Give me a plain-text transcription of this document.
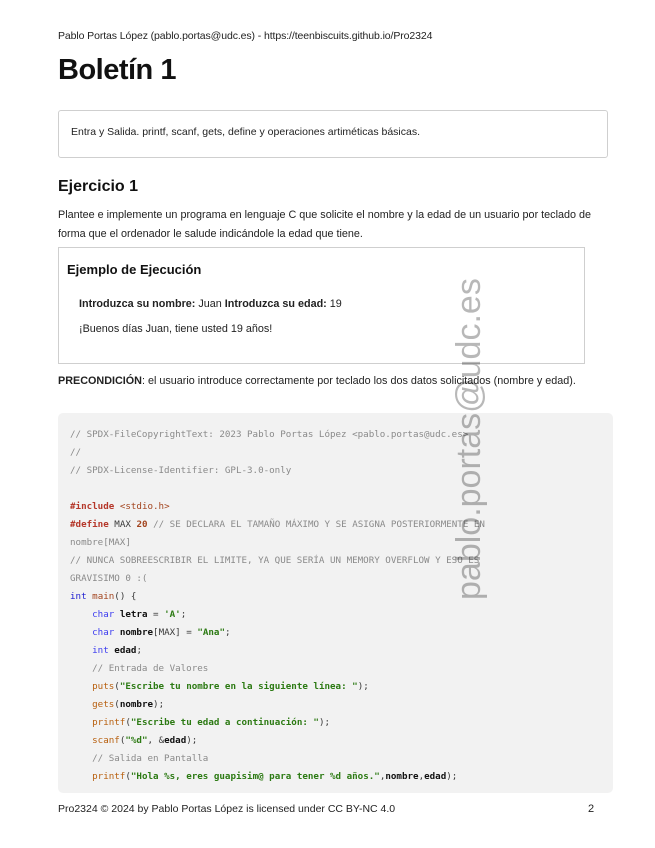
Pablo Portas López (pablo.portas@udc.es) - https://teenbiscuits.github.io/Pro2324
Boletín 1
Entra y Salida. printf, scanf, gets, define y operaciones artiméticas básicas.
Ejercicio 1
Plantee e implemente un programa en lenguaje C que solicite el nombre y la edad de un usuario por teclado de forma que el ordenador le salude indicándole la edad que tiene.
Ejemplo de Ejecución
Introduzca su nombre: Juan Introduzca su edad: 19
¡Buenos días Juan, tiene usted 19 años!
PRECONDICIÓN: el usuario introduce correctamente por teclado los dos datos solicitados (nombre y edad).
// SPDX-FileCopyrightText: 2023 Pablo Portas López <pablo.portas@udc.es>
//
// SPDX-License-Identifier: GPL-3.0-only
#include <stdio.h>
#define MAX 20 // SE DECLARA EL TAMAÑO MÁXIMO Y SE ASIGNA POSTERIORMENTE EN
nombre[MAX]
// NUNCA SOBREESCRIBIR EL LIMITE, YA QUE SERÍA UN MEMORY OVERFLOW Y ESO ES
GRAVISIMO 0 :(
int main() {
char letra = 'A';
char nombre[MAX] = "Ana";
int edad;
// Entrada de Valores
puts("Escribe tu nombre en la siguiente línea: ");
gets(nombre);
printf("Escribe tu edad a continuación: ");
scanf("%d", &edad);
// Salida en Pantalla
printf("Hola %s, eres guapisim@ para tener %d años.",nombre,edad);
pablo.portas@udc.es
Pro2324 © 2024 by Pablo Portas López is licensed under CC BY-NC 4.0	2
